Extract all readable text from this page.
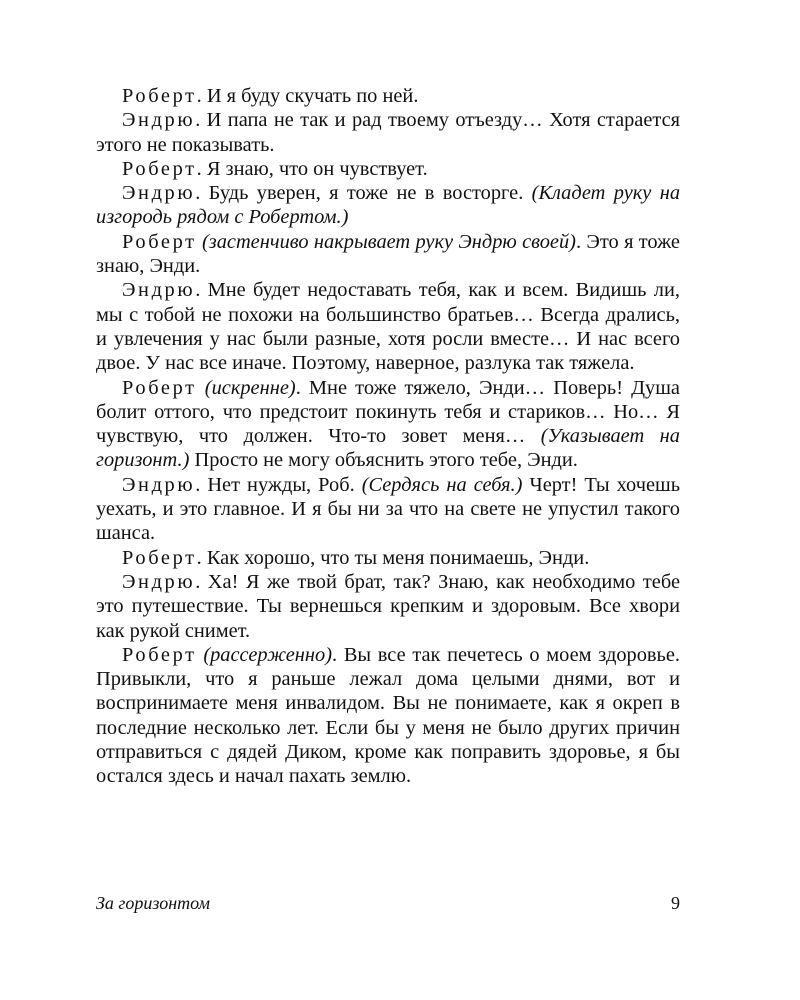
Роберт. И я буду скучать по ней.

Эндрю. И папа не так и рад твоему отъезду… Хотя старается этого не показывать.

Роберт. Я знаю, что он чувствует.

Эндрю. Будь уверен, я тоже не в восторге. (Кладет руку на изгородь рядом с Робертом.)

Роберт (застенчиво накрывает руку Эндрю своей). Это я тоже знаю, Энди.

Эндрю. Мне будет недоставать тебя, как и всем. Видишь ли, мы с тобой не похожи на большинство братьев… Всегда дрались, и увлечения у нас были разные, хотя росли вместе… И нас всего двое. У нас все иначе. Поэтому, наверное, разлука так тяжела.

Роберт (искренне). Мне тоже тяжело, Энди… Поверь! Душа болит оттого, что предстоит покинуть тебя и стариков… Но… Я чувствую, что должен. Что-то зовет меня… (Указывает на горизонт.) Просто не могу объяснить этого тебе, Энди.

Эндрю. Нет нужды, Роб. (Сердясь на себя.) Черт! Ты хочешь уехать, и это главное. И я бы ни за что на свете не упустил такого шанса.

Роберт. Как хорошо, что ты меня понимаешь, Энди.

Эндрю. Ха! Я же твой брат, так? Знаю, как необходимо тебе это путешествие. Ты вернешься крепким и здоровым. Все хвори как рукой снимет.

Роберт (рассерженно). Вы все так печетесь о моем здоровье. Привыкли, что я раньше лежал дома целыми днями, вот и воспринимаете меня инвалидом. Вы не понимаете, как я окреп в последние несколько лет. Если бы у меня не было других причин отправиться с дядей Диком, кроме как поправить здоровье, я бы остался здесь и начал пахать землю.

За горизонтом	9
